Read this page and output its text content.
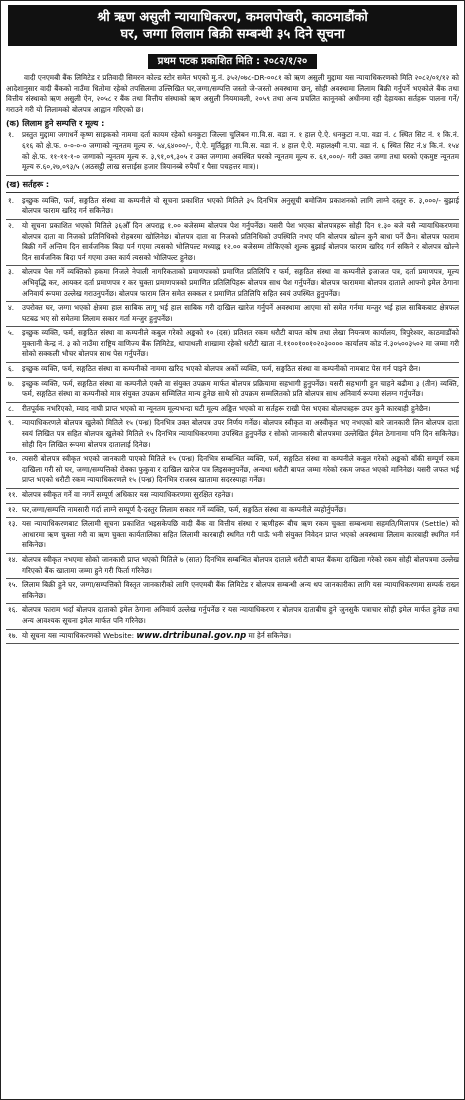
श्री ऋण असुली न्यायाधिकरण, कमलपोखरी, काठमाडौंको
घर, जग्गा लिलाम बिक्री सम्बन्धी ३५ दिने सूचना
प्रथम पटक प्रकाशित मिति : २०८२/१/२०
वादी एनएमबी बैंक लिमिटेड र प्रतिवादी सिमरन कोल्ड स्टोर समेत भएको मु.नं. ३५२/०७८-DR-००८१ को ऋण असुली मुद्दामा यस न्यायाधिकरणको मिति २०८२/०१/१२ को आदेशानुसार वादी बैंकको नाउँमा धितोमा रहेको तपसिलमा उल्लिखित घर,जग्गा/सम्पत्ति जस्तो जे-जस्तो अवस्थामा छन्, सोही अवस्थामा लिलाम बिक्री गर्नुपर्ने भएकोले बैंक तथा वित्तीय संस्थाको ऋण असुली ऐन, २०५८ र बैंक तथा वित्तीय संस्थाको ऋण असुली नियमावली, २०५९ तथा अन्य प्रचलित कानूनको अधीनमा रही देहायका सर्तहरू पालना गर्ने/गराउने गरी यो लिलामको बोलपत्र आह्वान गरिएको छ।
(क) लिलाम हुने सम्पत्ति र मूल्य :
१.	प्रस्तुत मुद्दामा जगाधर्ने कृष्ण साइकको नाममा दर्ता कायम रहेको धनकुटा जिल्ला चुलिबन गा.वि.स. वडा न. १ हाल ऐ.ऐ. धनकुटा न.पा. वडा नं. ८ स्थित सिट नं. १ कि.नं. ६१६ को क्षे.फ. ०-०-०-० जग्गाको न्यूनतम मूल्य रु. ५४,६४०००/-, ऐ.ऐ. मूर्तिढुङ्गा गा.वि.स. वडा नं. ४ हाल ऐ.ऐ. महालक्ष्मी न.पा. वडा नं. ६ स्थित सिट नं.४ कि.नं. १५४ को क्षे.फ. ११-११-१-० जग्गाको न्यूनतम मूल्य रु. ३,९१,०९,३०५ र उक्त जग्गामा अवस्थित घरको न्यूनतम मूल्य रु. ६१,०००/- गरी उक्त जग्गा तथा घरको एकमुष्ट न्यूनतम मूल्य रु.६०,२७,०९३/५ (अठसट्ठी लाख सत्ताईस हजार त्रियानब्बे रुपैयाँ र पैसा पचहत्तर मात्र)।
(ख) सर्तहरू :
१.	इच्छुक व्यक्ति, फर्म, सङ्गठित संस्था वा कम्पनीले यो सूचना प्रकाशित भएको मितिले ३५ दिनभित्र अनुसूची बमोजिम प्रकाशनको लागि लाग्ने दस्तुर रु. ३,०००/- बुझाई बोलपत्र फाराम खरिद गर्न सकिनेछ।
२.	यो सूचना प्रकाशित भएको मितिले ३६औँ दिन अपराह्न १.०० बजेसम्म बोलपत्र पेश गर्नुपर्नेछ। यसरी पेश भएका बोलपत्रहरू सोही दिन १.३० बजे यसै न्यायाधिकरणमा बोलपत्र दाता वा निजको प्रतिनिधिको रोहबरमा खोलिनेछ। बोलपत्र दाता वा निजको प्रतिनिधिको उपस्थिति नभए पनि बोलपत्र खोल्न कुनै बाधा पर्ने छैन। बोलपत्र फाराम बिक्री गर्ने अन्तिम दिन सार्वजनिक बिदा पर्न गएमा त्यसको भोलिपल्ट मध्याह्न १२.०० बजेसम्म तोकिएको शुल्क बुझाई बोलपत्र फाराम खरिद गर्न सकिने र बोलपत्र खोल्ने दिन सार्वजनिक बिदा पर्न गएमा उक्त कार्य त्यसको भोलिपल्ट हुनेछ।
३.	बोलपत्र पेस गर्ने व्यक्तिको हकमा निजले नेपाली नागरिकताको प्रमाणपत्रको प्रमाणित प्रतिलिपि र फर्म, सङ्गठित संस्था वा कम्पनीले इजाजत पत्र, दर्ता प्रमाणपत्र, मूल्य अभिवृद्धि कर, आयकर दर्ता प्रमाणपत्र र कर चुक्ता प्रमाणपत्रको प्रमाणित प्रतिलिपिहरू बोलपत्र साथ पेश गर्नुपर्नेछ। बोलपत्र फाराममा बोलपत्र दाताले आफ्नो इमेल ठेगाना अनिवार्य रूपमा उल्लेख गराउनुपर्नेछ। बोलपत्र फाराम लिन समेत सक्कल र प्रमाणित प्रतिलिपि सहित स्वयं उपस्थित हुनुपर्नेछ।
४.	उपरोक्त घर, जग्गा भएको क्षेत्रमा हाल साबिक लागू भई हाल साबिक गरी दाखिल खारेज गर्नुपर्ने अवस्थामा आएमा सो समेत गर्नमा मन्जुर भई हाल साबिकबाट क्षेत्रफल घटबढ भए सो समेतमा लिलाम सकार गर्ता मन्जुर हुनुपर्नेछ।
५.	इच्छुक व्यक्ति, फर्म, सङ्गठित संस्था वा कम्पनीले कबुल गरेको अङ्कको १० (दस) प्रतिशत रकम धरौटी बापत कोष तथा लेखा नियन्त्रण कार्यालय, त्रिपुरेश्वर, काठमाडौंको मुक्तानी केन्द्र नं. ३ को नाउँमा राष्ट्रिय वाणिज्य बैंक लिमिटेड, थापाथली शाखामा रहेको धरौटी खाता नं.११००१००१०२०३०००० कार्यालय कोड नं.३०५००३५०२ मा जम्मा गरी सोको सक्कली भौचर बोलपत्र साथ पेस गर्नुपर्नेछ।
६.	इच्छुक व्यक्ति, फर्म, सङ्गठित संस्था वा कम्पनीको नाममा खरिद भएको बोलपत्र अर्को व्यक्ति, फर्म, सङ्गठित संस्था वा कम्पनीको नामबाट पेस गर्न पाइने छैन।
७.	इच्छुक व्यक्ति, फर्म, सङ्गठित संस्था वा कम्पनीले एक्लै वा संयुक्त उपक्रम मार्फत बोलपत्र प्रक्रियामा सहभागी हुनुपर्नेछ। यसरी सहभागी हुन चाहने बढीमा ३ (तीन) व्यक्ति, फर्म, सङ्गठित संस्था वा कम्पनीको मात्र संयुक्त उपक्रम सम्मिलित मान्य हुनेछ साथै सो उपक्रम सम्मलितको प्रति बोलपत्र साथ अनिवार्य रूपमा संलग्न गर्नुपर्नेछ।
८.	रीतपूर्वक नभरिएको, म्याद नाघी प्राप्त भएको वा न्यूनतम मूल्यभन्दा घटी मूल्य अङ्कित भएको वा सर्तहरू राखी पेस भएका बोलपत्रहरू उपर कुनै कारबाही हुनेछैन।
९.	न्यायाधिकरणले बोलपत्र खुलेको मितिले १५ (पन्ध्र) दिनभित्र उक्त बोलपत्र उपर निर्णय गर्नेछ। बोलपत्र स्वीकृत वा अस्वीकृत भए नभएको बारे जानकारी लिन बोलपत्र दाता स्वयं लिखित पत्र सहित बोलपत्र खुलेको मितिले १५ दिनभित्र न्यायाधिकरणमा उपस्थित हुनुपर्नेछ र सोको जानकारी बोलपत्रमा उल्लेखित ईमेल ठेगानामा पनि दिन सकिनेछ। सोही दिन लिखित रूपमा बोलपत्र दातालाई दिनेछ।
१०. त्यसरी बोलपत्र स्वीकृत भएको जानकारी पाएको मितिले १५ (पन्ध्र) दिनभित्र सम्बन्धित व्यक्ति, फर्म, सङ्गठित संस्था वा कम्पनीले कबुल गरेको अङ्कको बाँकी सम्पूर्ण रकम दाखिला गरी सो घर, जग्गा/सम्पत्तिको रोक्का फुकुवा र दाखिल खारेज पत्र लिइसक्नुपर्नेछ, अन्यथा धरौटी बापत जम्मा गरेको रकम जफत भएको मानिनेछ। यसरी जफत भई प्राप्त भएको धरौटी रकम न्यायाधिकरणले १५ (पन्ध्र) दिनभित्र राजस्व खातामा सदरस्याहा गर्नेछ।
११. बोलपत्र स्वीकृत गर्ने वा नगर्ने सम्पूर्ण अधिकार यस न्यायाधिकरणमा सुरक्षित रहनेछ।
१२. घर,जग्गा/सम्पत्ति नामसारी गर्दा लाग्ने सम्पूर्ण दै-दस्तुर लिलाम सकार गर्ने व्यक्ति, फर्म, सङ्गठित संस्था वा कम्पनीले व्यहोर्नुपर्नेछ।
१३. यस न्यायाधिकरणबाट लिलामी सूचना प्रकाशित भइसकेपछि वादी बैंक वा वित्तीय संस्था र ऋणीहरू बीच ऋण रकम चुक्ता सम्बन्धमा सहमति/मिलापत्र (Settle) को आधारमा ऋण चुक्ता गरी वा ऋण चुक्ता कार्यतालिका सहित लिलामी कारबाही स्थगित गरी पाऊँ भनी संयुक्त निवेदन प्राप्त भएको अवस्थामा लिलाम कारबाही स्थगित गर्न सकिनेछ।
१४. बोलपत्र स्वीकृत नभएमा सोको जानकारी प्राप्त भएको मितिले ७ (सात) दिनभित्र सम्बन्धित बोलपत्र दाताले धरौटी बापत बैंकमा दाखिला गरेको रकम सोही बोलपत्रमा उल्लेख गरिएको बैंक खातामा जम्मा हुने गरी फिर्ता गरिनेछ।
१५. लिलाम बिक्री हुने घर, जग्गा/सम्पत्तिको विस्तृत जानकारीको लागि एनएमबी बैंक लिमिटेड र बोलपत्र सम्बन्धी अन्य थप जानकारीका लागि यस न्यायाधिकरणमा सम्पर्क राख्न सकिनेछ।
१६. बोलपत्र फाराम भर्दा बोलपत्र दाताको इमेल ठेगाना अनिवार्य उल्लेख गर्नुपर्नेछ र यस न्यायाधिकरण र बोलपत्र दाताबीच हुने जुनसुकै पत्राचार सोही इमेल मार्फत हुनेछ तथा अन्य आवश्यक सूचना इमेल मार्फत पनि गरिनेछ।
१७. यो सूचना यस न्यायाधिकरणको Website: www.drtribunal.gov.np मा हेर्न सकिनेछ।
